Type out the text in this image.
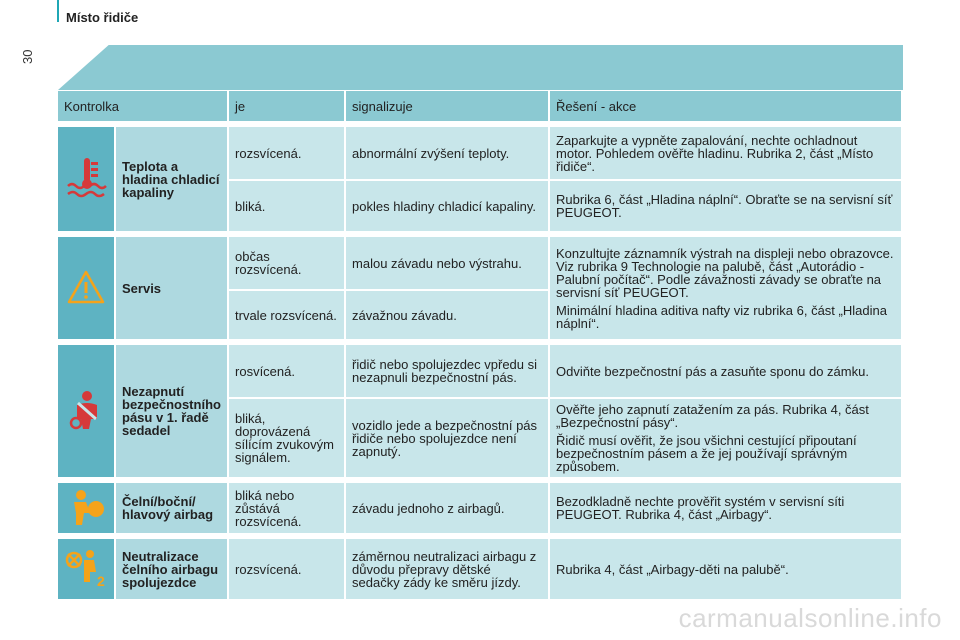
Místo řidiče
30
Kontrolka		je	signalizuje	Řešení - akce

	Teplota a hladina chladicí kapaliny	rozsvícená.	abnormální zvýšení teploty.	Zaparkujte a vypněte zapalování, nechte ochladnout motor. Pohledem ověřte hladinu. Rubrika 2, část „Místo řidiče“.
		bliká.	pokles hladiny chladicí kapaliny.	Rubrika 6, část „Hladina náplní“. Obraťte se na servisní síť PEUGEOT.

	Servis	občas rozsvícená.	malou závadu nebo výstrahu.	Konzultujte záznamník výstrah na displeji nebo obrazovce. Viz rubrika 9 Technologie na palubě, část „Autorádio - Palubní počítač“. Podle závažnosti závady se obraťte na servisní síť PEUGEOT.
Minimální hladina aditiva nafty viz rubrika 6, část „Hladina náplní“.

		trvale rozsvícená.	závažnou závadu.	

	Nezapnutí bezpečnostního pásu v 1. řadě sedadel	rosvícená.	řidič nebo spolujezdec vpředu si nezapnuli bezpečnostní pás.	Odviňte bezpečnostní pás a zasuňte sponu do zámku.
		bliká, doprovázená sílícím zvukovým signálem.	vozidlo jede a bezpečnostní pás řidiče nebo spolujezdce není zapnutý.	Ověřte jeho zapnutí zatažením za pás. Rubrika 4, část „Bezpečnostní pásy“.
Řidič musí ověřit, že jsou všichni cestující připoutaní bezpečnostním pásem a že jej používají správným způsobem.

	Čelní/boční/ hlavový airbag	bliká nebo zůstává rozsvícená.	závadu jednoho z airbagů.	Bezodkladně nechte prověřit systém v servisní síti PEUGEOT. Rubrika 4, část „Airbagy“.

2	Neutralizace čelního airbagu spolujezdce	rozsvícená.	záměrnou neutralizaci airbagu z důvodu přepravy dětské sedačky zády ke směru jízdy.	Rubrika 4, část „Airbagy-děti na palubě“.
carmanualsonline.info
